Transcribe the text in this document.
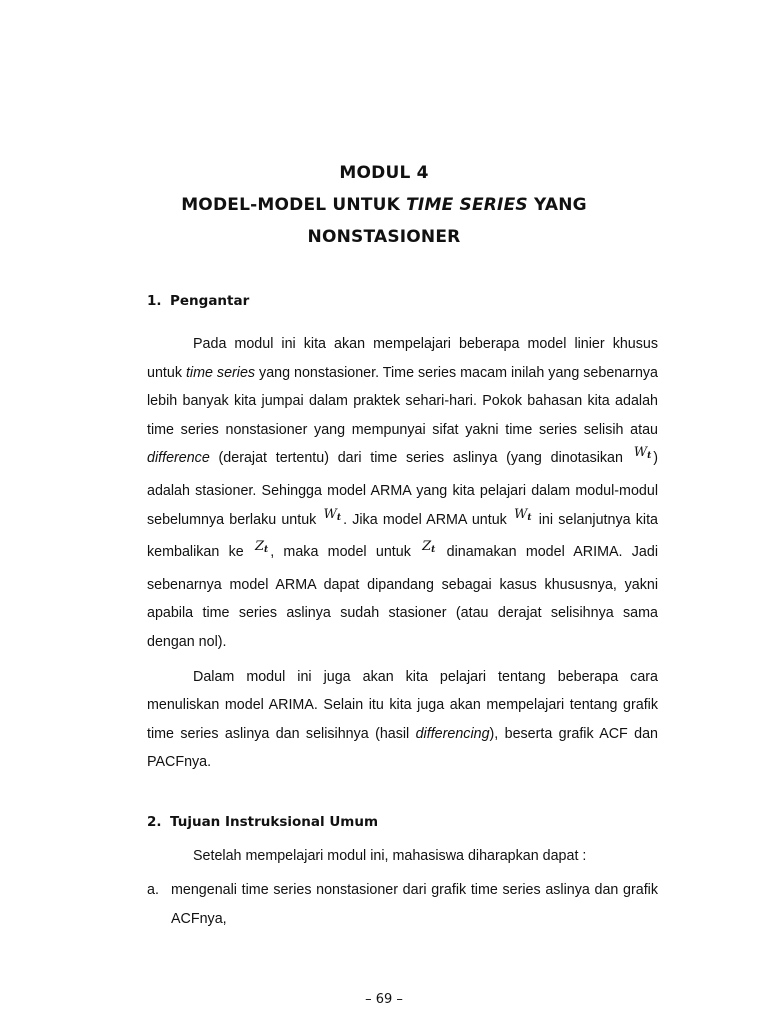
MODUL 4
MODEL-MODEL UNTUK TIME SERIES YANG
NONSTASIONER
1. Pengantar

Pada modul ini kita akan mempelajari beberapa model linier khusus untuk time series yang nonstasioner. Time series macam inilah yang sebenarnya lebih banyak kita jumpai dalam praktek sehari-hari. Pokok bahasan kita adalah time series nonstasioner yang mempunyai sifat yakni time series selisih atau difference (derajat tertentu) dari time series aslinya (yang dinotasikan $W_t$ ) adalah stasioner. Sehingga model ARMA yang kita pelajari dalam modul-modul sebelumnya berlaku untuk $W_t$ . Jika model ARMA untuk $W_t$ ini selanjutnya kita kembalikan ke $Z_t$ , maka model untuk $Z_t$ dinamakan model ARIMA. Jadi sebenarnya model ARMA dapat dipandang sebagai kasus khususnya, yakni apabila time series aslinya sudah stasioner (atau derajat selisihnya sama dengan nol).

Dalam modul ini juga akan kita pelajari tentang beberapa cara menuliskan model ARIMA. Selain itu kita juga akan mempelajari tentang grafik time series aslinya dan selisihnya (hasil differencing), beserta grafik ACF dan PACFnya.

2. Tujuan Instruksional Umum
Setelah mempelajari modul ini, mahasiswa diharapkan dapat :
a. mengenali time series nonstasioner dari grafik time series aslinya dan grafik ACFnya,
– 69 –
